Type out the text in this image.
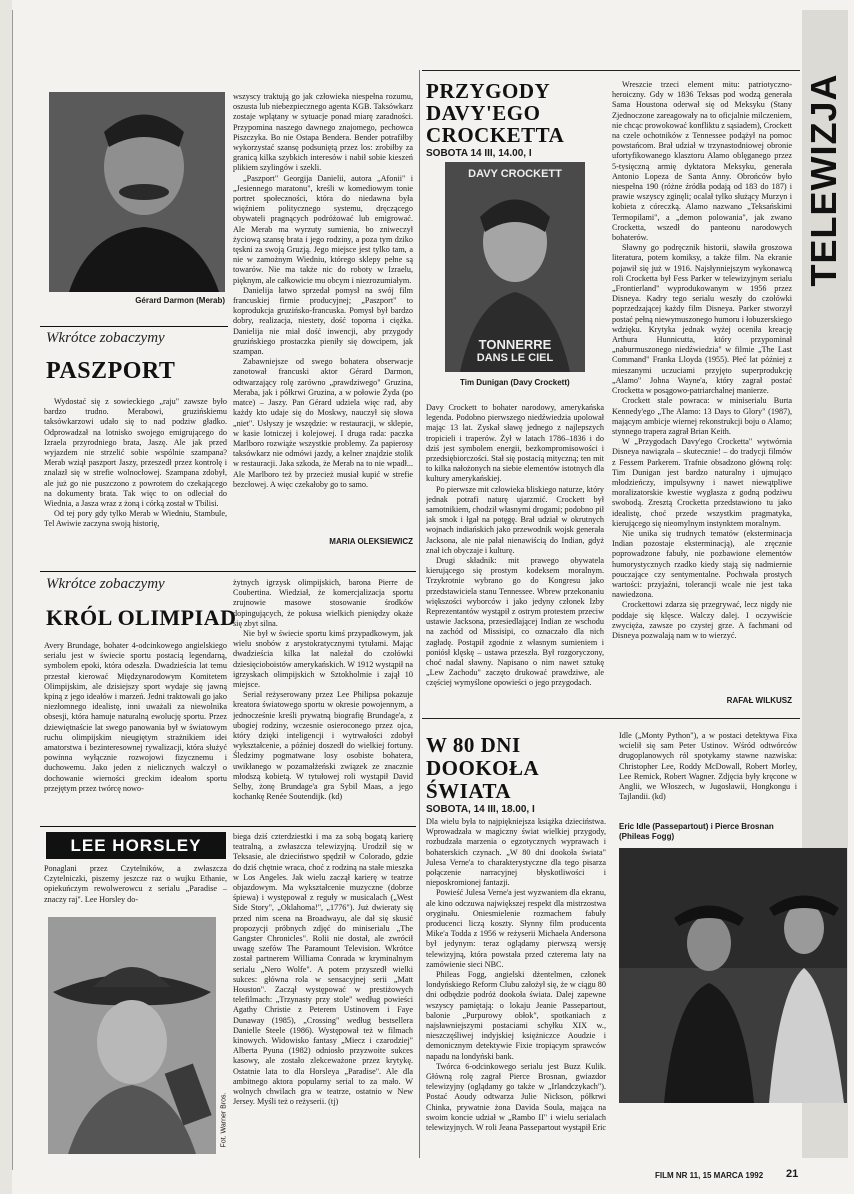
TELEWIZJA
Gérard Darmon (Merab)
Wkrótce zobaczymy
PASZPORT

Wydostać się z sowieckiego „raju" zawsze było bardzo trudno. Merabowi, gruzińskiemu taksówkarzowi udało się to nad podziw gładko. Odprowadzał na lotnisko swojego emigrującego do Izraela przyrodniego brata, Jaszę. Ale jak przed wyjazdem nie strzelić sobie wspólnie szampana? Merab wziął paszport Jaszy, przeszedł przez kontrolę i znalazł się w strefie wolnocłowej. Szampana zdobył, ale już go nie puszczono z powrotem do czekającego na dokumenty brata. Tak więc to on odleciał do Wiednia, a Jasza wraz z żoną i córką został w Tbilisi.

Od tej pory gdy tylko Merab w Wiedniu, Stambule, Tel Awiwie zaczyna swoją historię,

wszyscy traktują go jak człowieka niespełna rozumu, oszusta lub niebezpiecznego agenta KGB. Taksówkarz zostaje wplątany w sytuacje ponad miarę zaradności. Przypomina naszego dawnego znajomego, pechowca Piszczyka. Bo nie Ostapa Bendera. Bender potrafiłby wykorzystać szansę podsuniętą przez los: zrobiłby za granicą kilka szybkich interesów i nabił sobie kieszeń plikiem szylingów i szekli.

„Paszport" Georgija Danielii, autora „Afonii" i „Jesiennego maratonu", kreśli w komediowym tonie portret społeczności, która do niedawna była więźniem politycznego systemu, dręczącego obywateli pragnących podróżować lub emigrować. Ale Merab ma wyrzuty sumienia, bo zniweczył życiową szansę brata i jego rodziny, a poza tym dziko tęskni za swoją Gruzją. Jego miejsce jest tylko tam, a nie w zamożnym Wiedniu, którego sklepy pełne są towarów. Nie ma także nic do roboty w Izraelu, pięknym, ale całkowicie mu obcym i niezrozumiałym.

Danielija łatwo sprzedał pomysł na swój film francuskiej firmie producyjnej; „Paszport" to koprodukcja gruzińsko-francuska. Pomysł był bardzo dobry, realizacja, niestety, dość toporna i ciężka. Danielija nie miał dość inwencji, aby przygody gruzińskiego prostaczka pieniły się dowcipem, jak szampan.

Zabawniejsze od swego bohatera obserwacje zanotował francuski aktor Gérard Darmon, odtwarzający rolę zarówno „prawdziwego" Gruzina, Meraba, jak i półkrwi Gruzina, a w połowie Żyda (po matce) – Jaszy. Pan Gérard udziela więc rad, aby każdy kto udaje się do Moskwy, nauczył się słowa „niet". Usłyszy je wszędzie: w restauracji, w sklepie, w kasie lotniczej i kolejowej. I druga rada: paczka Marlboro rozwiąże wszystkie problemy. Za papierosy taksówkarz nie odmówi jazdy, a kelner znajdzie stolik w restauracji. Jaka szkoda, że Merab na to nie wpadł... Ale Marlboro też by przecież musiał kupić w strefie bezcłowej. A więc czekałoby go to samo.

MARIA OLEKSIEWICZ
Wkrótce zobaczymy
KRÓL OLIMPIAD

Avery Brundage, bohater 4-odcinkowego angielskiego serialu jest w świecie sportu postacią legendarną, symbolem epoki, która odeszła. Dwadzieścia lat temu przestał kierować Międzynarodowym Komitetem Olimpijskim, ale dzisiejszy sport wydaje się jawną kpiną z jego ideałów i marzeń. Jedni traktowali go jako niezłomnego idealistę, inni uważali za niewolnika obsesji, która hamuje naturalną ewolucję sportu. Przez dziewiętnaście lat swego panowania był w światowym ruchu olimpijskim nieugiętym strażnikiem idei amatorstwa i bezinteresownej rywalizacji, która służyć powinna wyłącznie rozwojowi fizycznemu i duchowemu. Jako jeden z nielicznych walczył o dochowanie wierności greckim ideałom sportu przejętym przez twórcę nowo-

żytnych igrzysk olimpijskich, barona Pierre de Coubertina. Wiedział, że komercjalizacja sportu zrujnowie masowe stosowanie środków dopingujących, że pokusa wielkich pieniędzy okaże się zbyt silna.

Nie był w świecie sportu kimś przypadkowym, jak wielu snobów z arystokratycznymi tytułami. Mając dwadzieścia kilka lat należał do czołówki dziesięcioboistów amerykańskich. W 1912 wystąpił na igrzyskach olimpijskich w Sztokholmie i zajął 10 miejsce.

Serial reżyserowany przez Lee Philipsa pokazuje kreatora światowego sportu w okresie powojennym, a jednocześnie kreśli prywatną biografię Brundage'a, z ubogiej rodziny, wczesnie osieroconego przez ojca, który dzięki inteligencji i wytrwałości zdobył wykształcenie, a później doszedł do wielkiej fortuny. Śledzimy pogmatwane losy osobiste bohatera, uwikłanego w pozamałżeński związek ze znacznie młodszą kobietą. W tytułowej roli wystąpił David Selby, żonę Brundage'a gra Sybil Maas, a jego kochankę Renée Soutendijk. (kd)

LEE HORSLEY

Ponaglani przez Czytelników, a zwłaszcza Czytelniczki, piszemy jeszcze raz o wujku Ethanie, opiekuńczym rewolwerowcu z serialu „Paradise – znaczy raj". Lee Horsley do-

Fot. Warner Bros.

biega dziś czterdziestki i ma za sobą bogatą karierę teatralną, a zwłaszcza telewizyjną. Urodził się w Teksasie, ale dzieciństwo spędził w Colorado, gdzie do dziś chętnie wraca, choć z rodziną na stałe mieszka w Los Angeles. Jak wielu zaczął karierę w teatrze objazdowym. Ma wykształcenie muzyczne (dobrze śpiewa) i występował z reguły w musicalach („West Side Story", „Oklahoma!", „1776"). Już dwieraty się przed nim scena na Broadwayu, ale dał się skusić propozycji próbnych zdjęć do miniserialu „The Gangster Chronicles". Rolii nie dostał, ale zwrócił uwagę szefów The Paramount Television. Wkrótce został partnerem Williama Conrada w kryminalnym serialu „Nero Wolfe". A potem przyszedł wielki sukces: główna rola w sensacyjnej serii „Matt Houston". Zaczął występować w prestiżowych telefilmach: „Trzynasty przy stole" według powieści Agathy Christie z Peterem Ustinovem i Faye Dunaway (1985), „Crossing" według bestsellera Danielle Steele (1986). Występował też w filmach kinowych. Widowisko fantasy „Miecz i czarodziej" Alberta Pyuna (1982) odniosło przyzwoite sukces kasowy, ale zostało zlekceważone przez krytykę. Ostatnie lata to dla Horsleya „Paradise". Ale dla ambitnego aktora popularny serial to za mało. W wolnych chwilach gra w teatrze, ostatnio w New Jersey. Myśli też o reżyserii. (tj)

PRZYGODY
DAVY'EGO
CROCKETTA
SOBOTA 14 III, 14.00, I
DAVY CROCKETT
TONNERRE
DANS LE CIEL
Tim Dunigan (Davy Crockett)

Davy Crockett to bohater narodowy, amerykańska legenda. Podobno pierwszego niedźwiedzia upolował mając 13 lat. Zyskał sławę jednego z najlepszych tropicieli i traperów. Żył w latach 1786–1836 i do dziś jest symbolem energii, bezkompromisowości i przedsiębiorczości. Stał się postacią mityczną; ten mit to kilka nałożonych na siebie elementów istotnych dla kultury amerykańskiej.

Po pierwsze mit człowieka bliskiego naturze, który jednak potrafi naturę ujarzmić. Crockett był samotnikiem, chodził własnymi drogami; podobno pił jak smok i łgał na potęgę. Brał udział w okrutnych wojnach indiańskich jako przewodnik wojsk generała Jacksona, ale nie pałał nienawiścią do Indian, gdyż znał ich obyczaje i kulturę.

Drugi składnik: mit prawego obywatela kierującego się prostym kodeksem moralnym. Trzykrotnie wybrano go do Kongresu jako przedstawiciela stanu Tennessee. Wbrew przekonaniu większości wyborców i jako jedyny członek Izby Reprezentantów wystąpił z ostrym protestem przeciw ustawie Jacksona, przesiedlającej Indian ze wschodu na zachód od Missisipi, co oznaczało dla nich zagładę. Postąpił zgodnie z własnym sumieniem i poniósł klęskę – ustawa przeszła. Był rozgoryczony, choć nadal sławny. Napisano o nim nawet sztukę „Lew Zachodu" zaczęto drukować prawdziwe, ale częściej wymyślone opowieści o jego przygodach.

Wreszcie trzeci element mitu: patriotyczno-heroiczny. Gdy w 1836 Teksas pod wodzą generała Sama Houstona oderwał się od Meksyku (Stany Zjednoczone zareagowały na to oficjalnie milczeniem, nie chcąc prowokować konfliktu z sąsiadem), Crockett na czele ochotników z Tennessee podążył na pomoc powstańcom. Brał udział w trzynastodniowej obronie ufortyfikowanego klasztoru Alamo oblęganego przez 5-tysięczną armię dyktatora Meksyku, generała Antonio Lopeza de Santa Anny. Obrońców było niespełna 190 (różne źródła podają od 183 do 187) i prawie wszyscy zginęli; ocalał tylko służący Murzyn i kobieta z córeczką. Alamo nazwano „Teksańskimi Termopilami", a „demon polowania", jak zwano Crocketta, wszedł do panteonu narodowych bohaterów.

Sławny go podręcznik historii, sławiła groszowa literatura, potem komiksy, a także film. Na ekranie pojawił się już w 1916. Najsłynniejszym wykonawcą roli Crocketta był Fess Parker w telewizyjnym serialu „Frontierland" wyprodukowanym w 1956 przez Disneya. Kadry tego serialu weszły do czołówki poprzedzającej każdy film Disneya. Parker stworzył postać pełną niewymuszonego humoru i łobuzerskiego wdzięku. Krytyka jednak wyżej oceniła kreację Arthura Hunnicutta, który przypominał „naburmuszonego niedźwiedzia" w filmie „The Last Command" Franka Lloyda (1955). Płeć lat później z mieszanymi uczuciami przyjęto superprodukcję „Alamo" Johna Wayne'a, który zagrał postać Crocketta w posągowo-patriarchalnej manierze.

Crockett stale powraca: w miniserialu Burta Kennedy'ego „The Alamo: 13 Days to Glory" (1987), mającym ambicje wiernej rekonstrukcji boju o Alamo; stynnego trapera zagrał Brian Keith.

W „Przygodach Davy'ego Crocketta" wytwórnia Disneya nawiązała – skutecznie! – do tradycji filmów z Fessem Parkerem. Trafnie obsadzono główną rolę: Tim Dunigan jest bardzo naturalny i ujmująco młodzieńczy, impulsywny i nawet niewątpliwe moralizatorskie kwestie wygłasza z godną podziwu swobodą. Zresztą Crocketta przedstawiono tu jako idealistę, choć przede wszystkim pragmatyka, kierującego się nieomylnym instynktem moralnym.

Nie unika się trudnych tematów (eksterminacja Indian pozostaje eksterminacją), ale zręcznie poprowadzone fabuły, nie pozbawione elementów humorystycznych rzadko kiedy stają się nadmiernie pouczające czy sentymentalne. Pochwała prostych wartości: przyjaźni, tolerancji wcale nie jest taka nawiedzona.

Crockettowi zdarza się przegrywać, lecz nigdy nie poddaje się klęsce. Walczy dalej. I oczywiście zwycięża, zawsze po czystej grze. A fachmani od Disneya pozwalają nam w to wierzyć.

RAFAŁ WILKUSZ
W 80 DNI
DOOKOŁA
ŚWIATA
SOBOTA, 14 III, 18.00, I

Dla wielu była to najpiękniejsza książka dzieciństwa. Wprowadzała w magiczny świat wielkiej przygody, rozbudzała marzenia o egzotycznych wyprawach i bohaterskich czynach. „W 80 dni dookoła świata" Julesa Verne'a to charakterystyczne dla tego pisarza połączenie narracyjnej błyskotliwości i nieposkromionej fantazji.

Powieść Julesa Verne'a jest wyzwaniem dla ekranu, ale kino odczuwa największej respekt dla mistrzostwa oryginału. Oniesmielenie rozmachem fabuły producenci liczą koszty. Słynny film producenta Mike'a Todda z 1956 w reżyserii Michaela Andersona był jedynym: teraz oglądamy pierwszą wersję telewizyjną, która powstała przed czterema laty na zamówienie sieci NBC.

Phileas Fogg, angielski dżentelmen, członek londyńskiego Reform Clubu założył się, że w ciągu 80 dni odbędzie podróż dookoła świata. Dalej zapewne wszyscy pamiętają: o lokaju Jeanie Passepartout, balonie „Purpurowy obłok", spotkaniach z najsławniejszymi postaciami schyłku XIX w., nieszczęśliwej indyjskiej księżniczce Aoudzie i demonicznym detektywie Fixie tropiącym sprawców napadu na londyński bank.

Twórca 6-odcinkowego serialu jest Buzz Kulik. Główną rolę zagrał Pierce Brosnan, gwiazdor telewizyjny (oglądamy go także w „Irlandczykach"). Postać Aoudy odtwarza Julie Nickson, półkrwi Chinka, prywatnie żona Davida Soula, mająca na swoim koncie udział w „Rambo II" i wielu serialach telewizyjnych. W roli Jeana Passepartout wystąpił Eric

Idle („Monty Python"), a w postaci detektywa Fixa wcielił się sam Peter Ustinov. Wśród odtwórców drugoplanowych ról spotykamy stawne nazwiska: Christopher Lee, Roddy McDowall, Robert Morley, Lee Remick, Robert Wagner. Zdjęcia były kręcone w Anglii, we Włoszech, w Jugosławii, Hongkongu i Tajlandii. (kd)

Eric Idle (Passepartout) i Pierce Brosnan (Phileas Fogg)
FILM NR 11, 15 MARCA 1992 21
